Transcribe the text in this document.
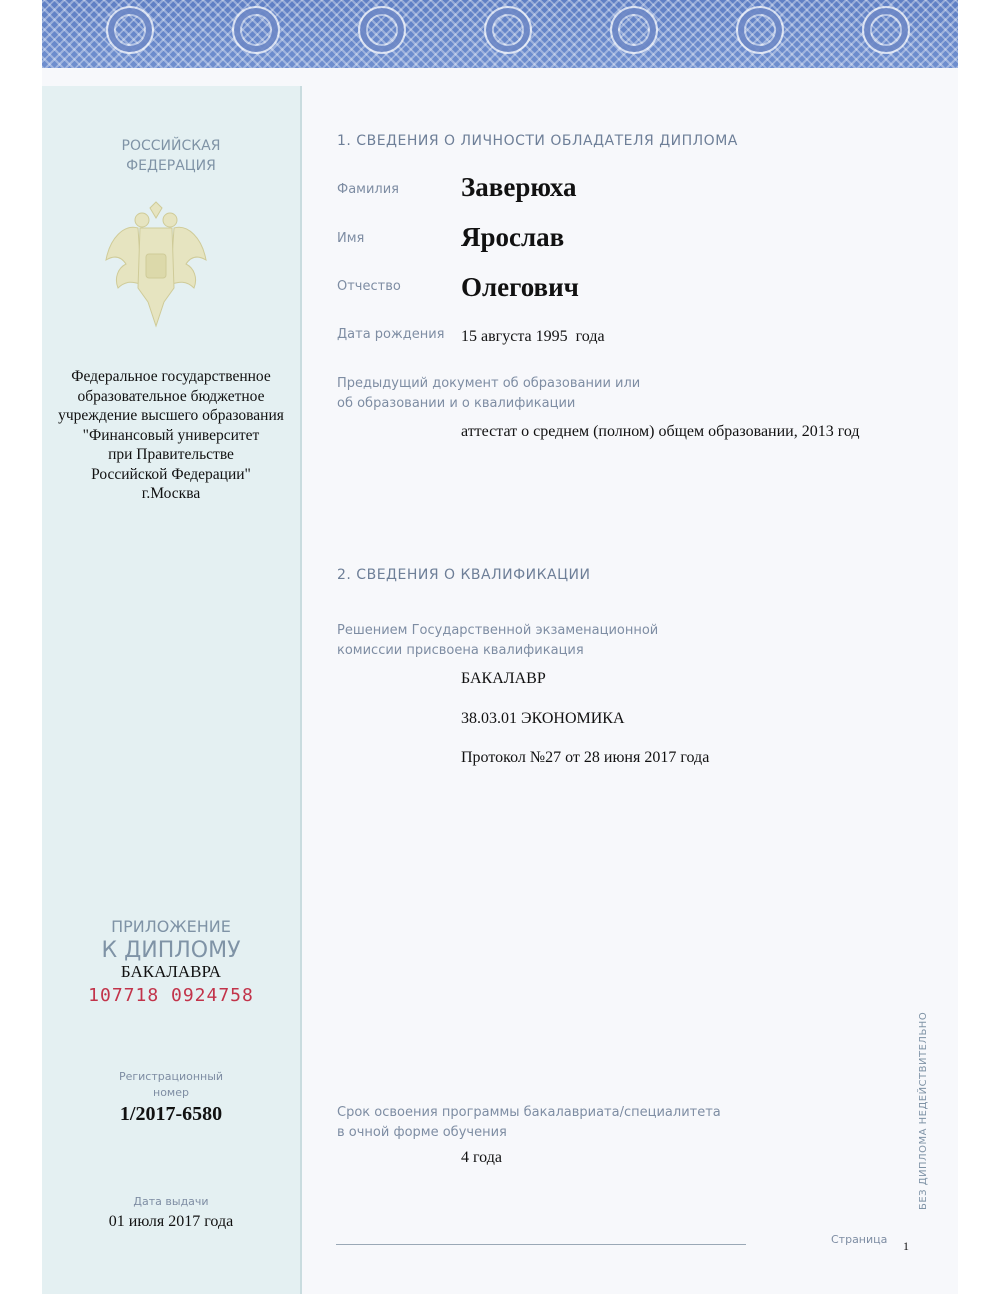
РОССИЙСКАЯ
ФЕДЕРАЦИЯ
Федеральное государственное
образовательное бюджетное
учреждение высшего образования
"Финансовый университет
при Правительстве
Российской Федерации"
г.Москва
ПРИЛОЖЕНИЕ
К ДИПЛОМУ
БАКАЛАВРА
107718 0924758
Регистрационный
номер
1/2017-6580
Дата выдачи
01 июля 2017 года
1. СВЕДЕНИЯ О ЛИЧНОСТИ ОБЛАДАТЕЛЯ ДИПЛОМА
Фамилия Заверюха
Имя	Ярослав
Отчество Олегович
Дата рождения 15 августа 1995  года
Предыдущий документ об образовании или
об образовании и о квалификации
аттестат о среднем (полном) общем образовании, 2013 год
2. СВЕДЕНИЯ О КВАЛИФИКАЦИИ
Решением Государственной экзаменационной
комиссии присвоена квалификация
БАКАЛАВР
38.03.01 ЭКОНОМИКА
Протокол №27 от 28 июня 2017 года
Срок освоения программы бакалавриата/специалитета
в очной форме обучения
4 года
Страница 1
БЕЗ ДИПЛОМА НЕДЕЙСТВИТЕЛЬНО
